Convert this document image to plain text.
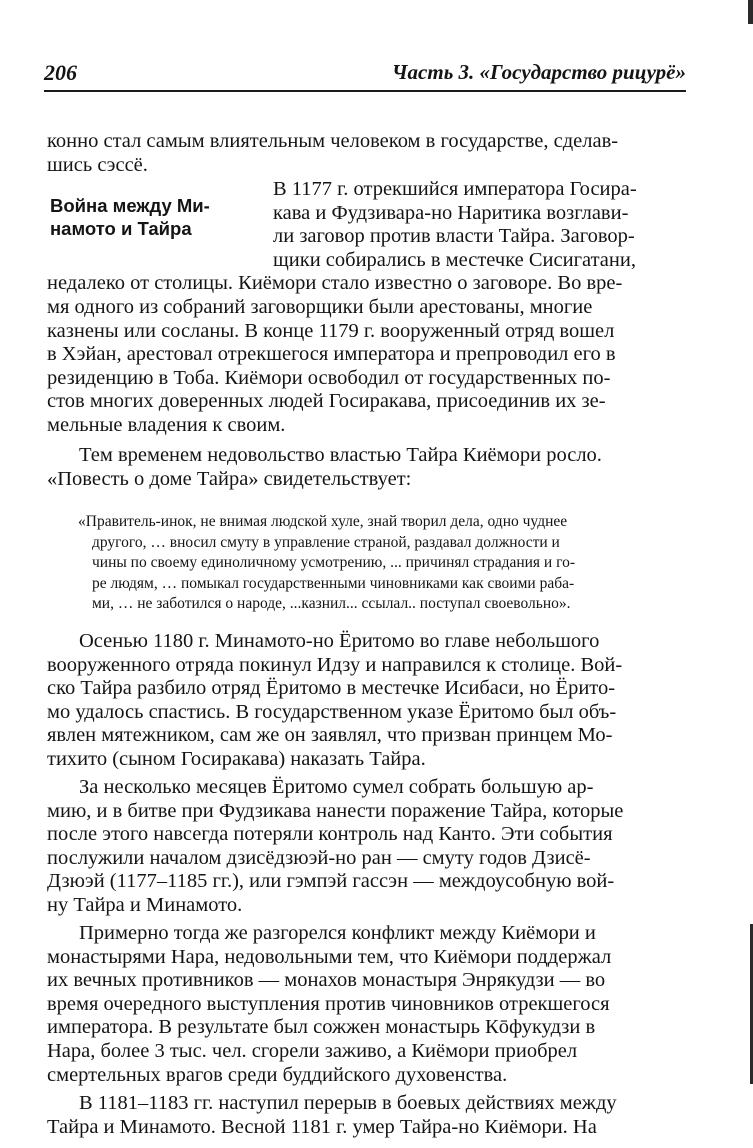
206	Часть 3. «Государство рицурё»

конно стал самым влиятельным человеком в государстве, сделав-
шись сэссё.

Война между Ми-
намото и Тайра

В 1177 г. отрекшийся императора Госира-
кава и Фудзивара-но Наритика возглави-
ли заговор против власти Тайра. Заговор-
щики собирались в местечке Сисигатани,
недалеко от столицы. Киёмори стало известно о заговоре. Во вре-
мя одного из собраний заговорщики были арестованы, многие
казнены или сосланы. В конце 1179 г. вооруженный отряд вошел
в Хэйан, арестовал отрекшегося императора и препроводил его в
резиденцию в Toба. Киёмори освободил от государственных по-
стов многих доверенных людей Госиракава, присоединив их зе-
мельные владения к своим.

Тем временем недовольство властью Тайра Киёмори росло.
«Повесть о доме Тайра» свидетельствует:

«Правитель-инок, не внимая людской хуле, знай творил дела, одно чуднее
другого, … вносил смуту в управление страной, раздавал должности и
чины по своему единоличному усмотрению, ... причинял страдания и го-
ре людям, … помыкал государственными чиновниками как своими раба-
ми, … не заботился о народе, ...казнил... ссылал.. поступал своевольно».

Осенью 1180 г. Минамото-но Ёритомо во главе небольшого
вооруженного отряда покинул Идзу и направился к столице. Вой-
ско Тайра разбило отряд Ёритомо в местечке Исибаси, но Ёрито-
мо удалось спастись. В государственном указе Ёритомо был объ-
явлен мятежником, сам же он заявлял, что призван принцем Мо-
тихито (сыном Госиракава) наказать Тайра.

За несколько месяцев Ёритомо сумел собрать большую ар-
мию, и в битве при Фудзикава нанести поражение Тайра, которые
после этого навсегда потеряли контроль над Канто. Эти события
послужили началом дзисёдзюэй-но ран — смуту годов Дзисё-
Дзюэй (1177–1185 гг.), или гэмпэй гассэн — междоусобную вой-
ну Тайра и Минамото.

Примерно тогда же разгорелся конфликт между Киёмори и
монастырями Нара, недовольными тем, что Киёмори поддержал
их вечных противников — монахов монастыря Энрякудзи — во
время очередного выступления против чиновников отрекшегося
императора. В результате был сожжен монастырь Кōфукудзи в
Нара, более 3 тыс. чел. сгорели заживо, а Киёмори приобрел
смертельных врагов среди буддийского духовенства.

В 1181–1183 гг. наступил перерыв в боевых действиях между
Тайра и Минамото. Весной 1181 г. умер Тайра-но Киёмори. На
